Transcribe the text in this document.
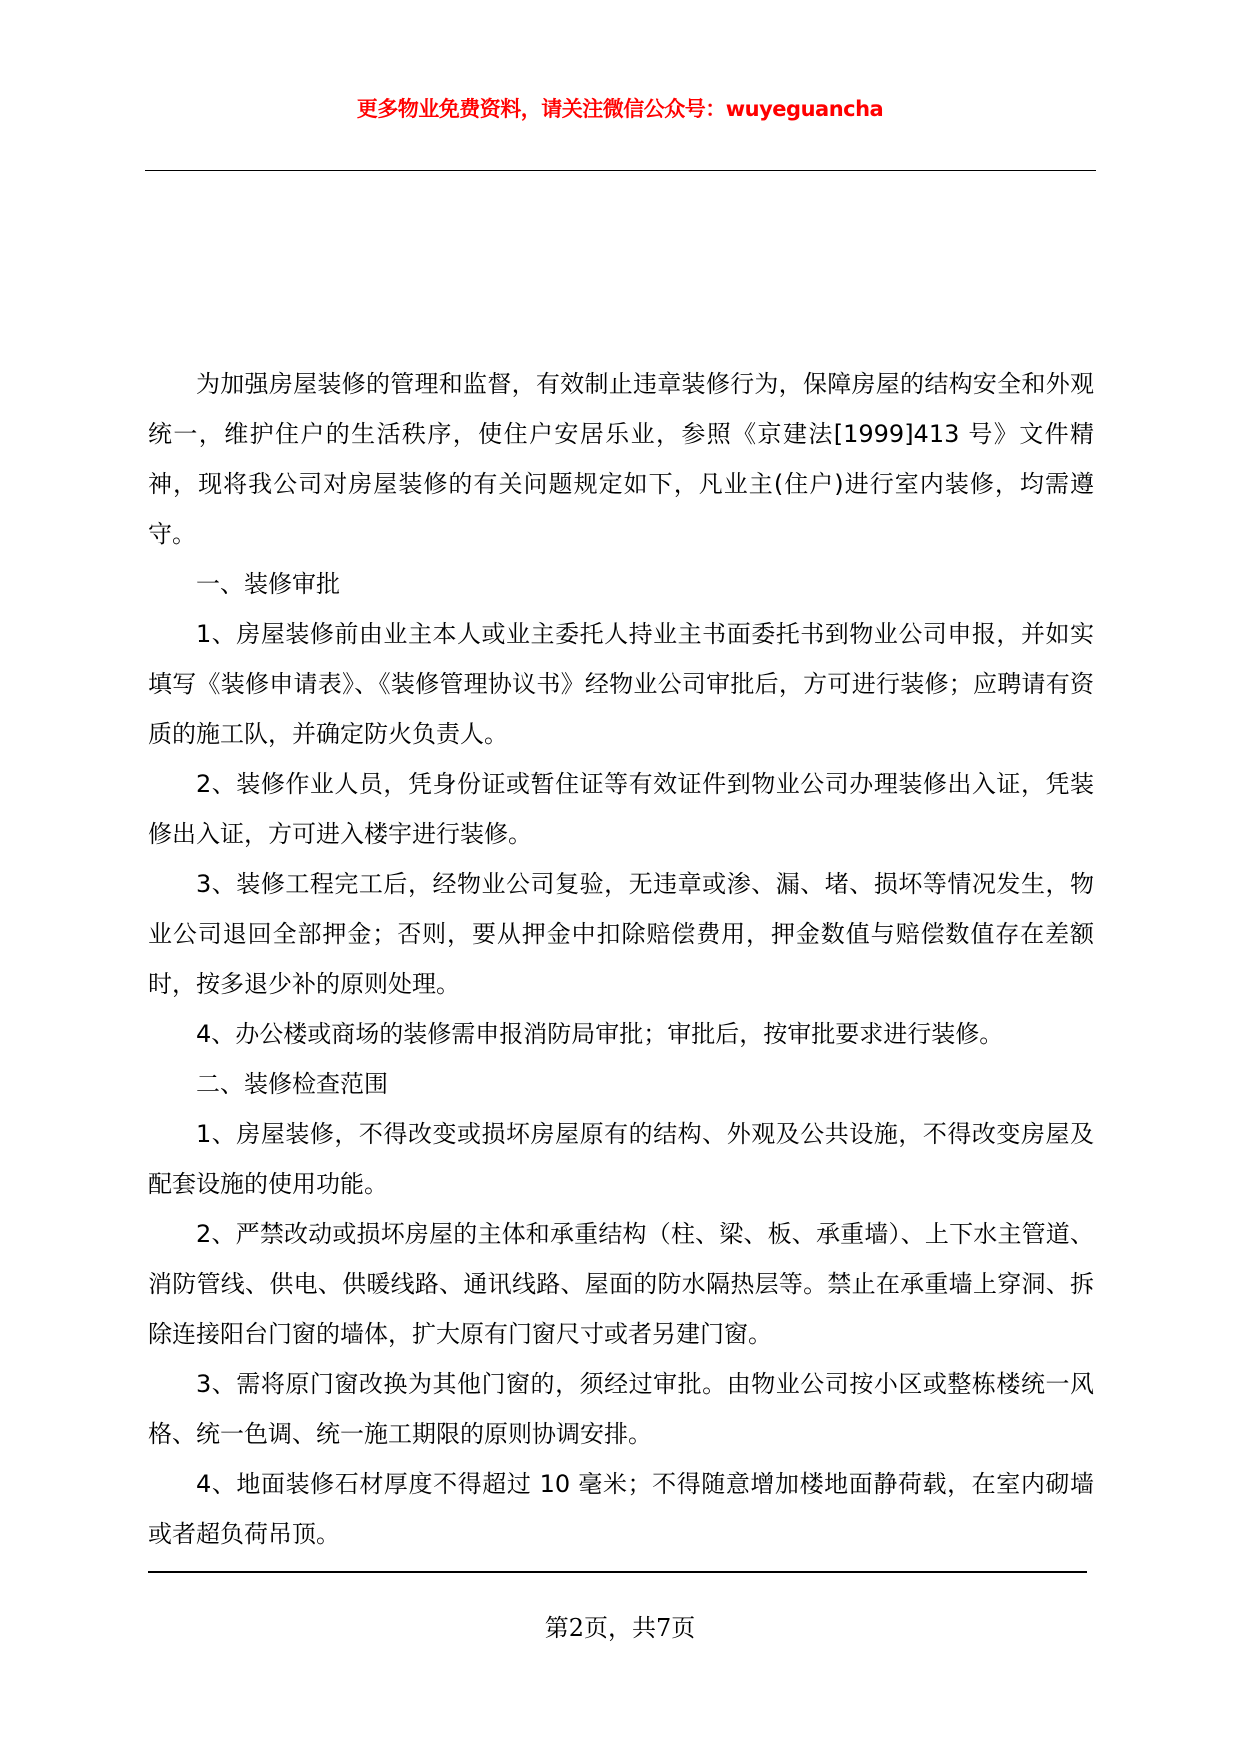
更多物业免费资料，请关注微信公众号：wuyeguancha

为加强房屋装修的管理和监督，有效制止违章装修行为，保障房屋的结构安全和外观统一，维护住户的生活秩序，使住户安居乐业，参照《京建法[1999]413 号》文件精神，现将我公司对房屋装修的有关问题规定如下，凡业主(住户)进行室内装修，均需遵守。

一、装修审批

1、房屋装修前由业主本人或业主委托人持业主书面委托书到物业公司申报，并如实填写《装修申请表》、《装修管理协议书》经物业公司审批后，方可进行装修；应聘请有资质的施工队，并确定防火负责人。

2、装修作业人员，凭身份证或暂住证等有效证件到物业公司办理装修出入证，凭装修出入证，方可进入楼宇进行装修。

3、装修工程完工后，经物业公司复验，无违章或渗、漏、堵、损坏等情况发生，物业公司退回全部押金；否则，要从押金中扣除赔偿费用，押金数值与赔偿数值存在差额时，按多退少补的原则处理。

4、办公楼或商场的装修需申报消防局审批；审批后，按审批要求进行装修。

二、装修检查范围

1、房屋装修，不得改变或损坏房屋原有的结构、外观及公共设施，不得改变房屋及配套设施的使用功能。

2、严禁改动或损坏房屋的主体和承重结构（柱、梁、板、承重墙）、上下水主管道、消防管线、供电、供暖线路、通讯线路、屋面的防水隔热层等。禁止在承重墙上穿洞、拆除连接阳台门窗的墙体，扩大原有门窗尺寸或者另建门窗。

3、需将原门窗改换为其他门窗的，须经过审批。由物业公司按小区或整栋楼统一风格、统一色调、统一施工期限的原则协调安排。

4、地面装修石材厚度不得超过 10 毫米；不得随意增加楼地面静荷载，在室内砌墙或者超负荷吊顶。

第2页，共7页
